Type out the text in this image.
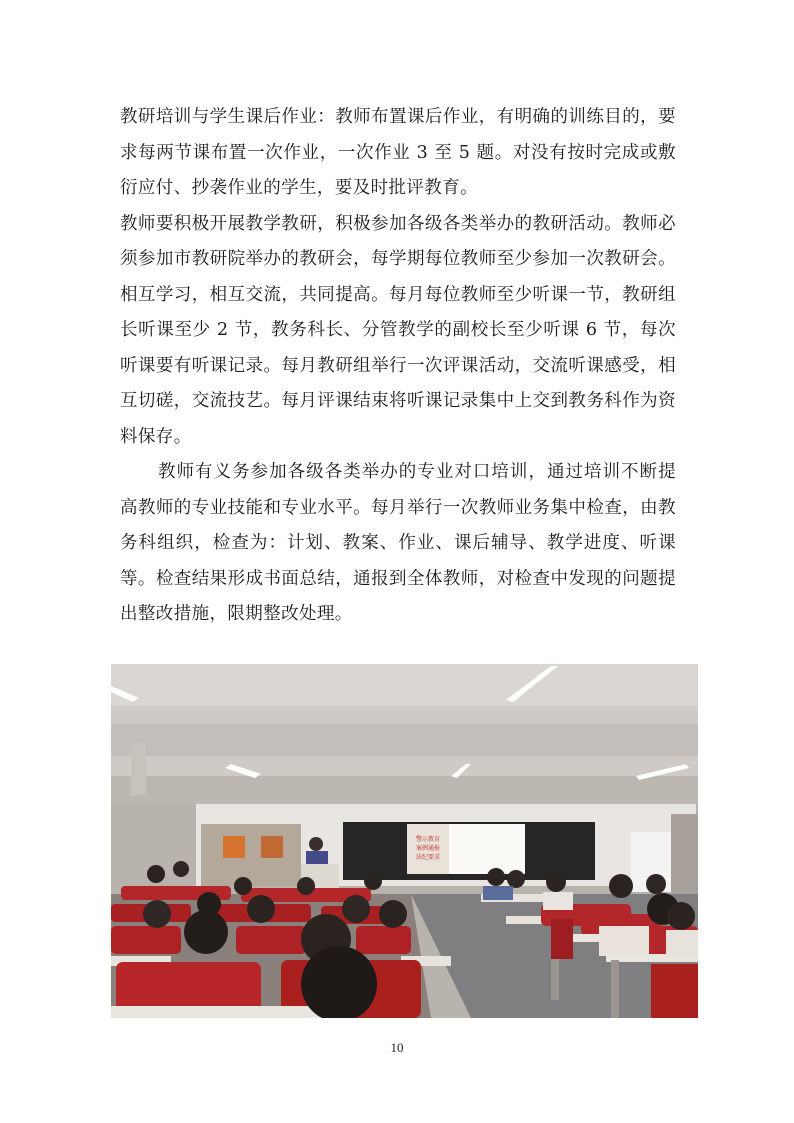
教研培训与学生课后作业：教师布置课后作业，有明确的训练目的，要求每两节课布置一次作业，一次作业 3 至 5 题。对没有按时完成或敷衍应付、抄袭作业的学生，要及时批评教育。

教师要积极开展教学教研，积极参加各级各类举办的教研活动。教师必须参加市教研院举办的教研会，每学期每位教师至少参加一次教研会。相互学习，相互交流，共同提高。每月每位教师至少听课一节，教研组长听课至少 2 节，教务科长、分管教学的副校长至少听课 6 节，每次听课要有听课记录。每月教研组举行一次评课活动，交流听课感受，相互切磋，交流技艺。每月评课结束将听课记录集中上交到教务科作为资料保存。

教师有义务参加各级各类举办的专业对口培训，通过培训不断提高教师的专业技能和专业水平。每月举行一次教师业务集中检查，由教务科组织，检查为：计划、教案、作业、课后辅导、教学进度、听课等。检查结果形成书面总结，通报到全体教师，对检查中发现的问题提出整改措施，限期整改处理。

警示教育
案例通报
法纪要求
10
